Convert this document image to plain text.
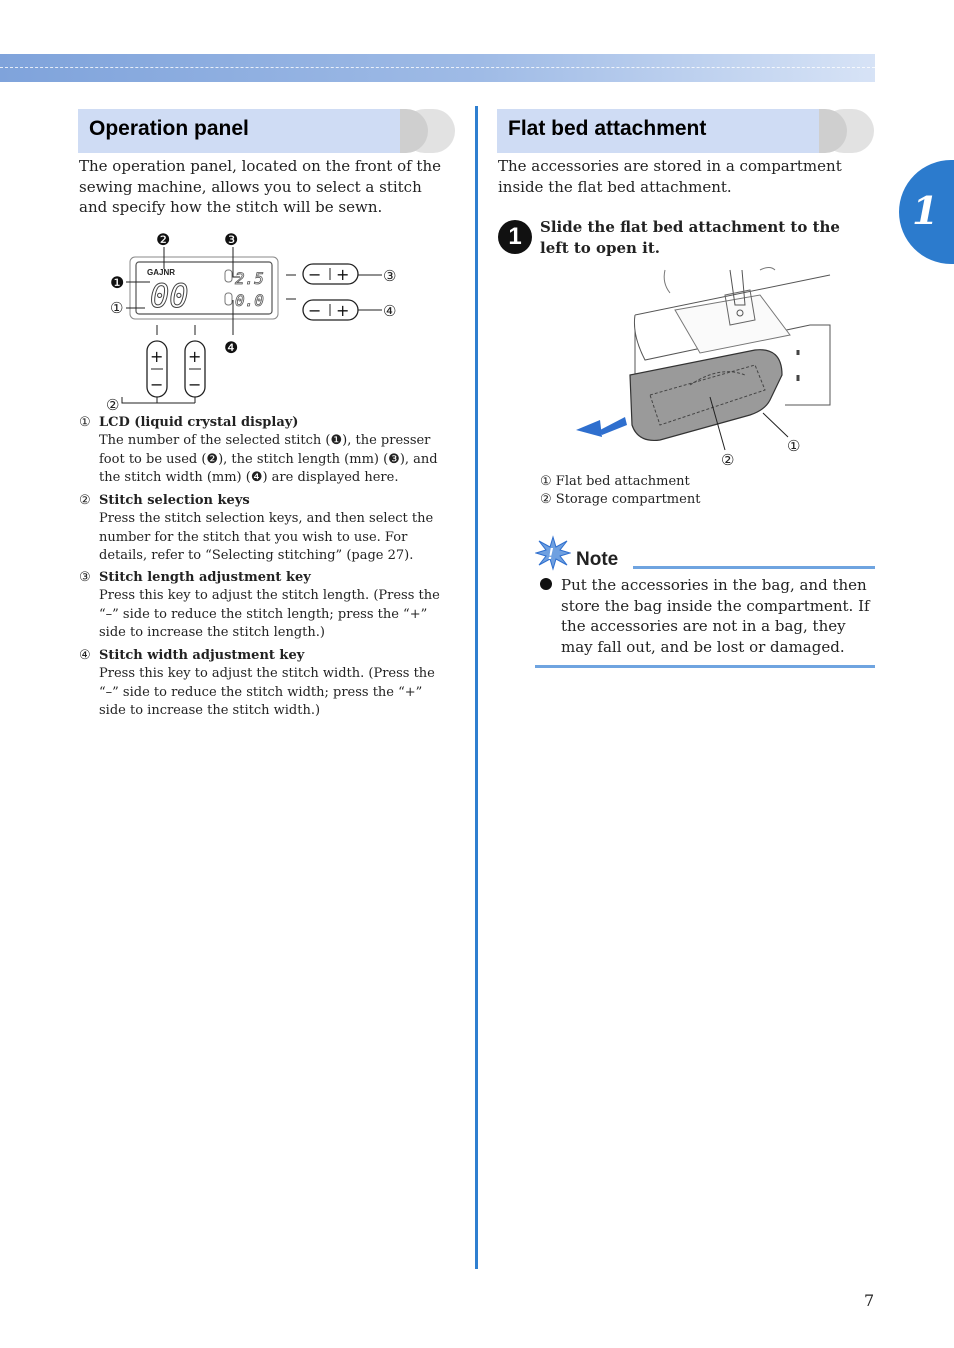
1
Operation panel
The operation panel, located on the front of the sewing machine, allows you to select a stitch and specify how the stitch will be sewn.
GAJNR
00	2.5
0.0
− +
− +
③
④
+
−
+
−
②
❷	❸
❶
①
❹
① LCD (liquid crystal display)
The number of the selected stitch (❶), the presser foot to be used (❷), the stitch length (mm) (❸), and the stitch width (mm) (❹) are displayed here.
② Stitch selection keys
Press the stitch selection keys, and then select the number for the stitch that you wish to use. For details, refer to “Selecting stitching” (page 27).
③ Stitch length adjustment key
Press this key to adjust the stitch length. (Press the “–” side to reduce the stitch length; press the “+” side to increase the stitch length.)
④ Stitch width adjustment key
Press this key to adjust the stitch width. (Press the “–” side to reduce the stitch width; press the “+” side to increase the stitch width.)
Flat bed attachment
The accessories are stored in a compartment inside the flat bed attachment.
1	Slide the flat bed attachment to the left to open it.
①
②
① Flat bed attachment
② Storage compartment
! Note
Put the accessories in the bag, and then store the bag inside the compartment. If the accessories are not in a bag, they may fall out, and be lost or damaged.
7
